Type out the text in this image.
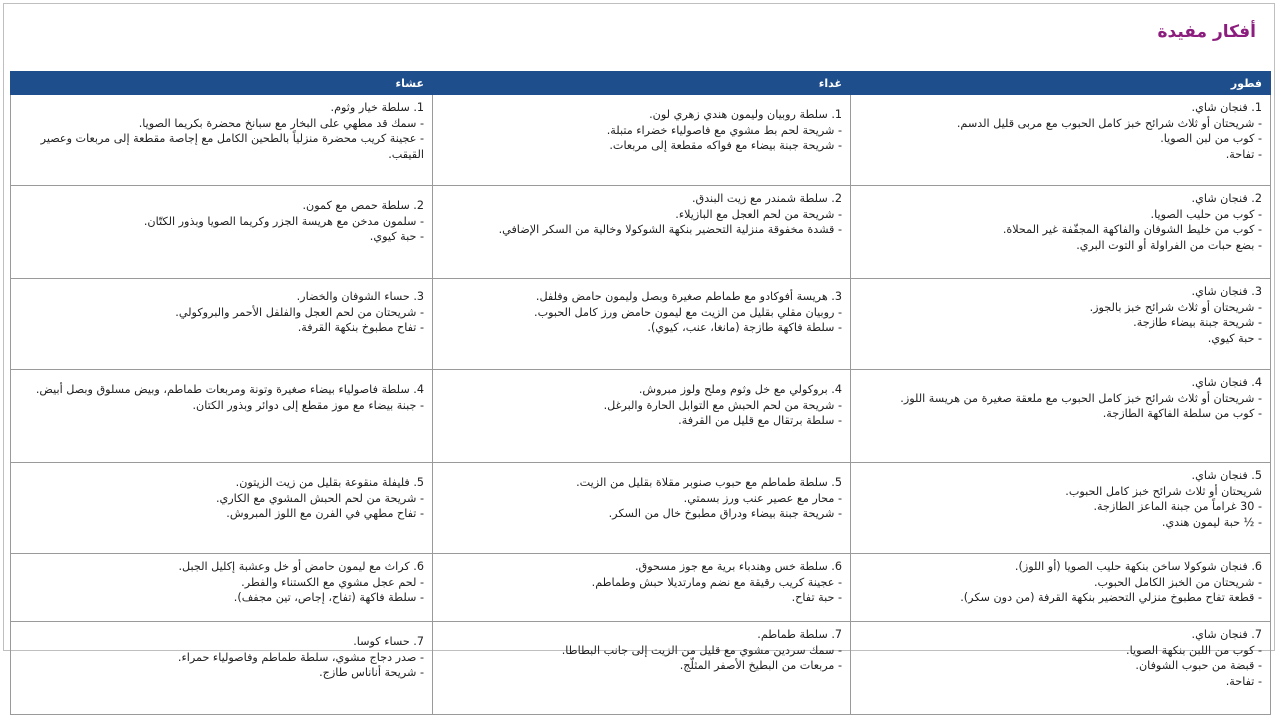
أفكار مفيدة
فطور	غداء	عشاء

1. فنجان شاي.
- شريحتان أو ثلاث شرائح خبز كامل الحبوب مع مربى قليل الدسم.
- كوب من لبن الصويا.
- تفاحة.	1. سلطة روبيان وليمون هندي زهري لون.
- شريحة لحم بط مشوي مع فاصولياء خضراء متبلة.
- شريحة جبنة بيضاء مع فواكه مقطعة إلى مربعات.	1. سلطة خيار وثوم.
- سمك قد مطهي على البخار مع سبانخ محضرة بكريما الصويا.
- عجينة كريب محضرة منزلياً بالطحين الكامل مع إجاصة مقطعة إلى مربعات وعصير القيقب.

2. فنجان شاي.
- كوب من حليب الصويا.
- كوب من خليط الشوفان والفاكهة المجفّفة غير المحلاة.
- بضع حبات من الفراولة أو التوت البري.	2. سلطة شمندر مع زيت البندق.
- شريحة من لحم العجل مع البازيلاء.
- قشدة مخفوقة منزلية التحضير بنكهة الشوكولا وخالية من السكر الإضافي.	2. سلطة حمص مع كمون.
- سلمون مدخن مع هريسة الجزر وكريما الصويا وبذور الكتّان.
- حبة كيوي.

3. فنجان شاي.
- شريحتان أو ثلاث شرائح خبز بالجوز.
- شريحة جبنة بيضاء طازجة.
- حبة كيوي.	3. هريسة أفوكادو مع طماطم صغيرة وبصل وليمون حامض وفلفل.
- روبيان مقلي بقليل من الزيت مع ليمون حامض ورز كامل الحبوب.
- سلطة فاكهة طازجة (مانغا، عنب، كيوي).	3. حساء الشوفان والخضار.
- شريحتان من لحم العجل والفلفل الأحمر والبروكولي.
- تفاح مطبوخ بنكهة القرفة.

4. فنجان شاي.
- شريحتان أو ثلاث شرائح خبز كامل الحبوب مع ملعقة صغيرة من هريسة اللوز.
- كوب من سلطة الفاكهة الطازجة.	4. بروكولي مع خل وثوم وملح ولوز مبروش.
- شريحة من لحم الحبش مع التوابل الحارة والبرغل.
- سلطة برتقال مع قليل من القرفة.	4. سلطة فاصولياء بيضاء صغيرة وتونة ومربعات طماطم، وبيض مسلوق وبصل أبيض.
- جبنة بيضاء مع موز مقطع إلى دوائر وبذور الكتان.

5. فنجان شاي.
شريحتان أو ثلاث شرائح خبز كامل الحبوب.
- 30 غراماً من جبنة الماعز الطازجة.
- ½ حبة ليمون هندي.	5. سلطة طماطم مع حبوب صنوبر مقلاة بقليل من الزيت.
- محار مع عصير عنب ورز بسمتي.
- شريحة جبنة بيضاء ودراق مطبوخ خال من السكر.	5. فليفلة منقوعة بقليل من زيت الزيتون.
- شريحة من لحم الحبش المشوي مع الكاري.
- تفاح مطهي في الفرن مع اللوز المبروش.

6. فنجان شوكولا ساخن بنكهة حليب الصويا (أو اللوز).
- شريحتان من الخبز الكامل الحبوب.
- قطعة تفاح مطبوخ منزلي التحضير بنكهة القرفة (من دون سكر).	6. سلطة خس وهندباء برية مع جوز مسحوق.
- عجينة كريب رقيقة مع نضم ومارتديلا حبش وطماطم.
- حبة تفاح.	6. كراث مع ليمون حامض أو خل وعشبة إكليل الجبل.
- لحم عجل مشوي مع الكستناء والفطر.
- سلطة فاكهة (تفاح، إجاص، تين مجفف).

7. فنجان شاي.
- كوب من اللبن بنكهة الصويا.
- قبضة من حبوب الشوفان.
- تفاحة.	7. سلطة طماطم.
- سمك سردين مشوي مع قليل من الزيت إلى جانب البطاطا.
- مربعات من البطيخ الأصفر المثلّج.	7. حساء كوسا.
- صدر دجاج مشوي، سلطة طماطم وفاصولياء حمراء.
- شريحة أناناس طازج.
